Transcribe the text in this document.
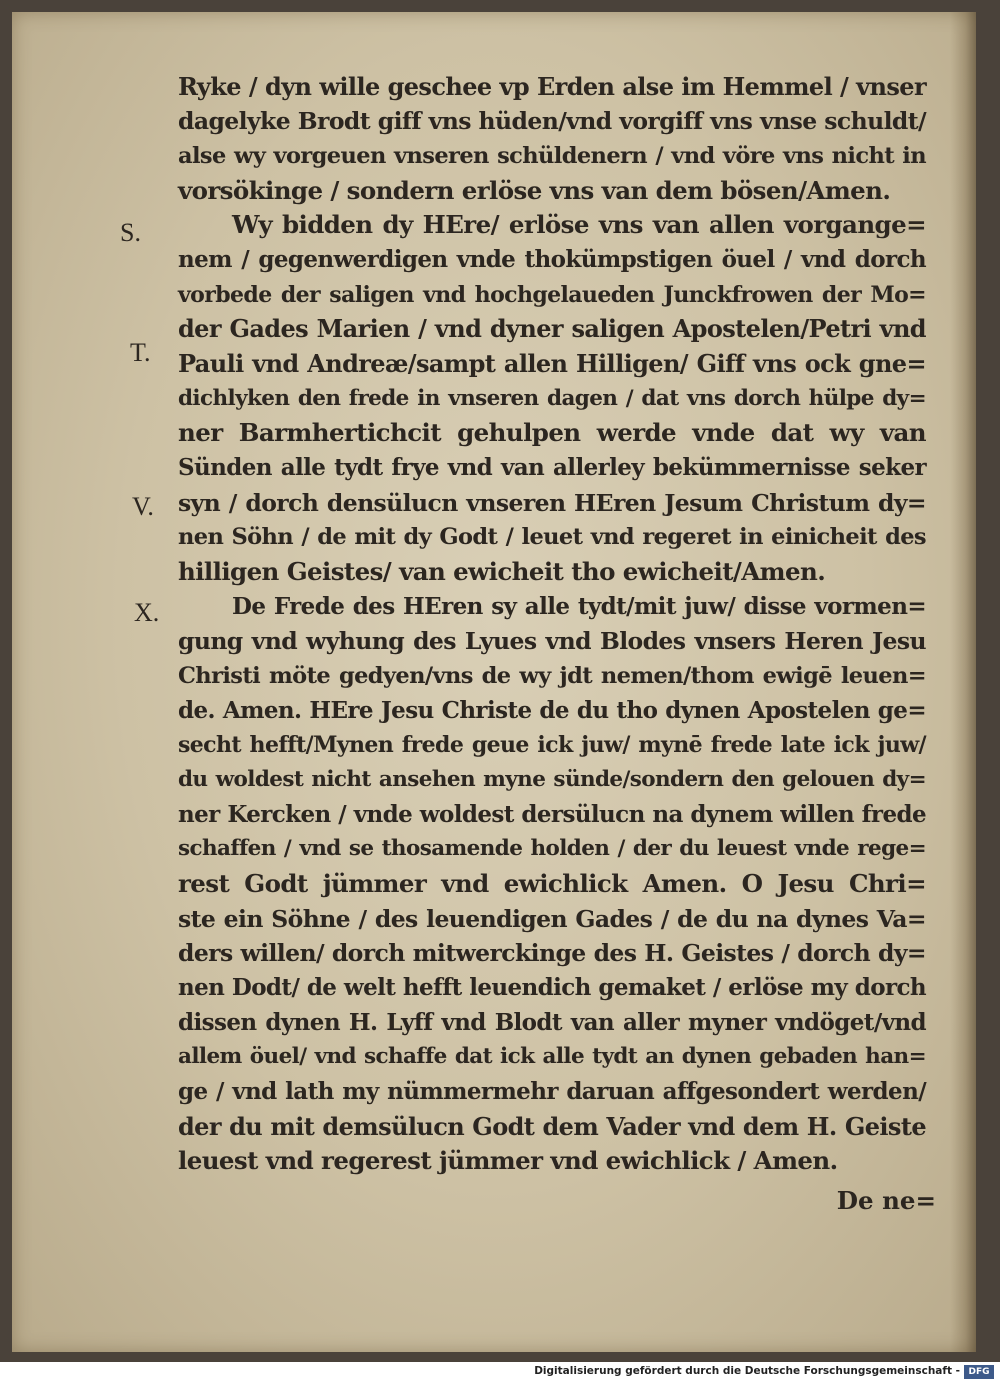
Ryke / dyn wille geschee vp Erden alse im Hemmel / vnser
dagelyke Brodt giff vns hüden/vnd vorgiff vns vnse schuldt/
alse wy vorgeuen vnseren schüldenern / vnd vöre vns nicht in
vorsökinge / sondern erlöse vns van dem bösen/Amen.
Wy bidden dy HEre/ erlöse vns van allen vorgange=
nem / gegenwerdigen vnde thokümpstigen öuel / vnd dorch
vorbede der saligen vnd hochgelaueden Junckfrowen der Mo=
der Gades Marien / vnd dyner saligen Apostelen/Petri vnd
Pauli vnd Andreæ/sampt allen Hilligen/ Giff vns ock gne=
dichlyken den frede in vnseren dagen / dat vns dorch hülpe dy=
ner Barmhertichcit gehulpen werde vnde dat wy van
Sünden alle tydt frye vnd van allerley bekümmernisse seker
syn / dorch densülucn vnseren HEren Jesum Christum dy=
nen Söhn / de mit dy Godt / leuet vnd regeret in einicheit des
hilligen Geistes/ van ewicheit tho ewicheit/Amen.
De Frede des HEren sy alle tydt/mit juw/ disse vormen=
gung vnd wyhung des Lyues vnd Blodes vnsers Heren Jesu
Christi möte gedyen/vns de wy jdt nemen/thom ewigē leuen=
de. Amen. HEre Jesu Christe de du tho dynen Apostelen ge=
secht hefft/Mynen frede geue ick juw/ mynē frede late ick juw/
du woldest nicht ansehen myne sünde/sondern den gelouen dy=
ner Kercken / vnde woldest dersülucn na dynem willen frede
schaffen / vnd se thosamende holden / der du leuest vnde rege=
rest Godt jümmer vnd ewichlick Amen. O Jesu Chri=
ste ein Söhne / des leuendigen Gades / de du na dynes Va=
ders willen/ dorch mitwerckinge des H. Geistes / dorch dy=
nen Dodt/ de welt hefft leuendich gemaket / erlöse my dorch
dissen dynen H. Lyff vnd Blodt van aller myner vndöget/vnd
allem öuel/ vnd schaffe dat ick alle tydt an dynen gebaden han=
ge / vnd lath my nümmermehr daruan affgesondert werden/
der du mit demsülucn Godt dem Vader vnd dem H. Geiste
leuest vnd regerest jümmer vnd ewichlick / Amen.
S.
T.
V.
X.
De ne=
Digitalisierung gefördert durch die Deutsche Forschungsgemeinschaft - DFG
